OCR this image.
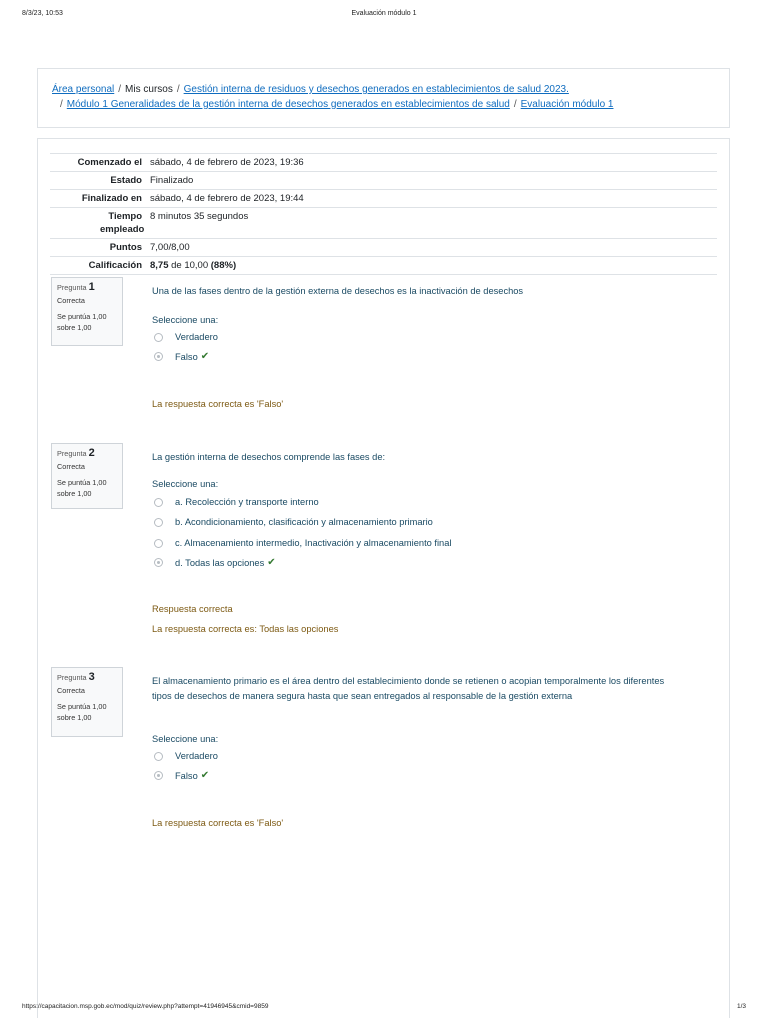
8/3/23, 10:53	Evaluación módulo 1
Área personal / Mis cursos / Gestión interna de residuos y desechos generados en establecimientos de salud 2023.
/ Módulo 1 Generalidades de la gestión interna de desechos generados en establecimientos de salud / Evaluación módulo 1
Comenzado el sábado, 4 de febrero de 2023, 19:36
Estado Finalizado
Finalizado en sábado, 4 de febrero de 2023, 19:44
Tiempo empleado
8 minutos 35 segundos
Puntos 7,00/8,00
Calificación 8,75 de 10,00 (88%)
Pregunta 1
Correcta
Se puntúa 1,00 sobre 1,00
Una de las fases dentro de la gestión externa de desechos es la inactivación de desechos
Seleccione una:
Verdadero
Falso ✔
La respuesta correcta es 'Falso'
Pregunta 2
Correcta
Se puntúa 1,00 sobre 1,00
La gestión interna de desechos comprende las fases de:
Seleccione una:
a. Recolección y transporte interno
b. Acondicionamiento, clasificación y almacenamiento primario
c. Almacenamiento intermedio, Inactivación y almacenamiento final
d. Todas las opciones ✔
Respuesta correcta
La respuesta correcta es: Todas las opciones
Pregunta 3
Correcta
Se puntúa 1,00 sobre 1,00
El almacenamiento primario es el área dentro del establecimiento donde se retienen o acopian temporalmente los diferentes tipos de desechos de manera segura hasta que sean entregados al responsable de la gestión externa
Seleccione una:
Verdadero
Falso ✔
La respuesta correcta es 'Falso'
https://capacitacion.msp.gob.ec/mod/quiz/review.php?attempt=41946945&cmid=9859	1/3
